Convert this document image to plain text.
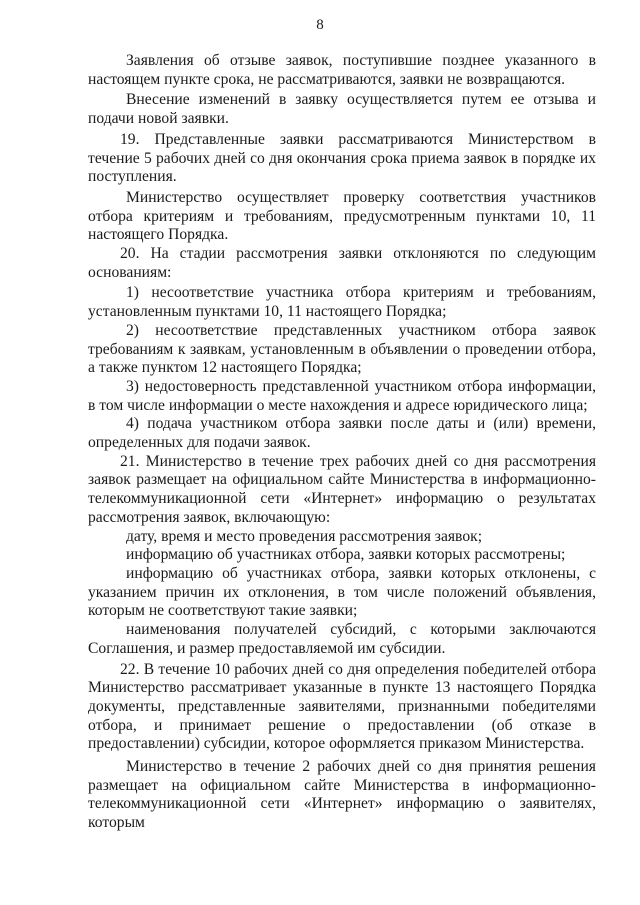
8

Заявления об отзыве заявок, поступившие позднее указанного в настоящем пункте срока, не рассматриваются, заявки не возвращаются.

Внесение изменений в заявку осуществляется путем ее отзыва и подачи новой заявки.

19. Представленные заявки рассматриваются Министерством в течение 5 рабочих дней со дня окончания срока приема заявок в порядке их поступления.

Министерство осуществляет проверку соответствия участников отбора критериям и требованиям, предусмотренным пунктами 10, 11 настоящего Порядка.

20. На стадии рассмотрения заявки отклоняются по следующим основаниям:

1) несоответствие участника отбора критериям и требованиям, установленным пунктами 10, 11 настоящего Порядка;

2) несоответствие представленных участником отбора заявок требованиям к заявкам, установленным в объявлении о проведении отбора, а также пунктом 12 настоящего Порядка;

3) недостоверность представленной участником отбора информации, в том числе информации о месте нахождения и адресе юридического лица;

4) подача участником отбора заявки после даты и (или) времени, определенных для подачи заявок.

21. Министерство в течение трех рабочих дней со дня рассмотрения заявок размещает на официальном сайте Министерства в информационно-телекоммуникационной сети «Интернет» информацию о результатах рассмотрения заявок, включающую:

дату, время и место проведения рассмотрения заявок;

информацию об участниках отбора, заявки которых рассмотрены;

информацию об участниках отбора, заявки которых отклонены, с указанием причин их отклонения, в том числе положений объявления, которым не соответствуют такие заявки;

наименования получателей субсидий, с которыми заключаются Соглашения, и размер предоставляемой им субсидии.

22. В течение 10 рабочих дней со дня определения победителей отбора Министерство рассматривает указанные в пункте 13 настоящего Порядка документы, представленные заявителями, признанными победителями отбора, и принимает решение о предоставлении (об отказе в предоставлении) субсидии, которое оформляется приказом Министерства.

Министерство в течение 2 рабочих дней со дня принятия решения размещает на официальном сайте Министерства в информационно-телекоммуникационной сети «Интернет» информацию о заявителях, которым
